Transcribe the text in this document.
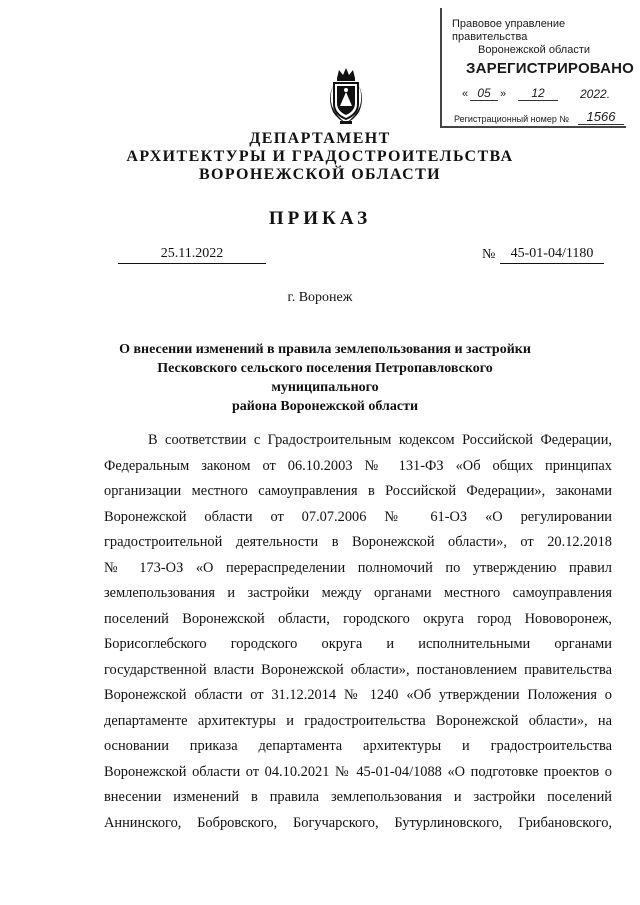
Правовое управление правительства
Воронежской области
ЗАРЕГИСТРИРОВАНО
« 05 »	12	2022.
Регистрационный номер №	1566
ДЕПАРТАМЕНТ
АРХИТЕКТУРЫ И ГРАДОСТРОИТЕЛЬСТВА
ВОРОНЕЖСКОЙ ОБЛАСТИ
ПРИКАЗ
25.11.2022	№	45-01-04/1180
г. Воронеж
О внесении изменений в правила землепользования и застройки
Песковского сельского поселения Петропавловского муниципального
района Воронежской области
В соответствии с Градостроительным кодексом Российской Федерации,
Федеральным законом от 06.10.2003 № 131-ФЗ «Об общих принципах
организации местного самоуправления в Российской Федерации», законами
Воронежской области от 07.07.2006 № 61-ОЗ «О регулировании
градостроительной деятельности в Воронежской области», от 20.12.2018
№ 173-ОЗ «О перераспределении полномочий по утверждению правил
землепользования и застройки между органами местного самоуправления
поселений Воронежской области, городского округа город Нововоронеж,
Борисоглебского городского округа и исполнительными органами
государственной власти Воронежской области», постановлением правительства
Воронежской области от 31.12.2014 № 1240 «Об утверждении Положения о
департаменте архитектуры и градостроительства Воронежской области», на
основании приказа департамента архитектуры и градостроительства
Воронежской области от 04.10.2021 № 45-01-04/1088 «О подготовке проектов о
внесении изменений в правила землепользования и застройки поселений
Аннинского, Бобровского, Богучарского, Бутурлиновского, Грибановского,
